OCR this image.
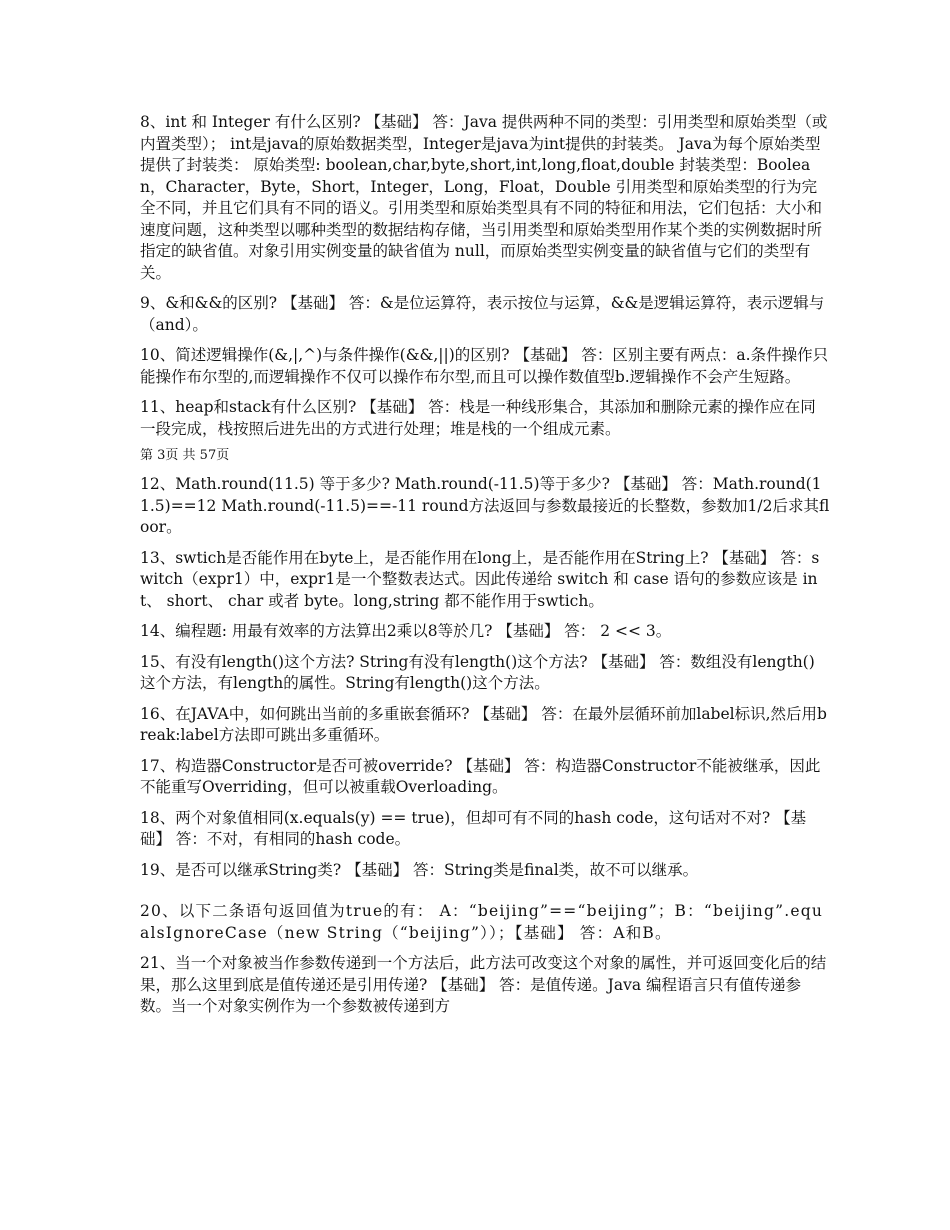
8、int 和 Integer 有什么区别? 【基础】 答：Java 提供两种不同的类型：引用类型和原始类型（或内置类型）； int是java的原始数据类型，Integer是java为int提供的封装类。 Java为每个原始类型提供了封装类： 原始类型: boolean,char,byte,short,int,long,float,double 封装类型：Boolean，Character，Byte，Short，Integer，Long，Float，Double 引用类型和原始类型的行为完全不同，并且它们具有不同的语义。引用类型和原始类型具有不同的特征和用法，它们包括：大小和速度问题，这种类型以哪种类型的数据结构存储，当引用类型和原始类型用作某个类的实例数据时所指定的缺省值。对象引用实例变量的缺省值为 null，而原始类型实例变量的缺省值与它们的类型有关。

9、&和&&的区别? 【基础】 答：&是位运算符，表示按位与运算，&&是逻辑运算符，表示逻辑与（and）。

10、简述逻辑操作(&,|,^)与条件操作(&&,||)的区别? 【基础】 答：区别主要有两点：a.条件操作只能操作布尔型的,而逻辑操作不仅可以操作布尔型,而且可以操作数值型b.逻辑操作不会产生短路。

11、heap和stack有什么区别? 【基础】 答：栈是一种线形集合，其添加和删除元素的操作应在同一段完成，栈按照后进先出的方式进行处理；堆是栈的一个组成元素。

第 3页 共 57页

12、Math.round(11.5) 等于多少? Math.round(-11.5)等于多少? 【基础】 答：Math.round(11.5)==12 Math.round(-11.5)==-11 round方法返回与参数最接近的长整数，参数加1/2后求其floor。

13、swtich是否能作用在byte上，是否能作用在long上，是否能作用在String上? 【基础】 答：switch（expr1）中，expr1是一个整数表达式。因此传递给 switch 和 case 语句的参数应该是 int、 short、 char 或者 byte。long,string 都不能作用于swtich。

14、编程题: 用最有效率的方法算出2乘以8等於几? 【基础】 答： 2 << 3。

15、有没有length()这个方法? String有没有length()这个方法? 【基础】 答：数组没有length()这个方法，有length的属性。String有length()这个方法。

16、在JAVA中，如何跳出当前的多重嵌套循环? 【基础】 答：在最外层循环前加label标识,然后用break:label方法即可跳出多重循环。

17、构造器Constructor是否可被override? 【基础】 答：构造器Constructor不能被继承，因此不能重写Overriding，但可以被重载Overloading。

18、两个对象值相同(x.equals(y) == true)，但却可有不同的hash code，这句话对不对? 【基础】 答：不对，有相同的hash code。

19、是否可以继承String类? 【基础】 答：String类是final类，故不可以继承。

20、以下二条语句返回值为true的有： A：“beijing”==“beijing”；B：“beijing”.equalsIgnoreCase（new String（“beijing”））；【基础】 答：A和B。

21、当一个对象被当作参数传递到一个方法后，此方法可改变这个对象的属性，并可返回变化后的结果，那么这里到底是值传递还是引用传递? 【基础】 答：是值传递。Java 编程语言只有值传递参数。当一个对象实例作为一个参数被传递到方
